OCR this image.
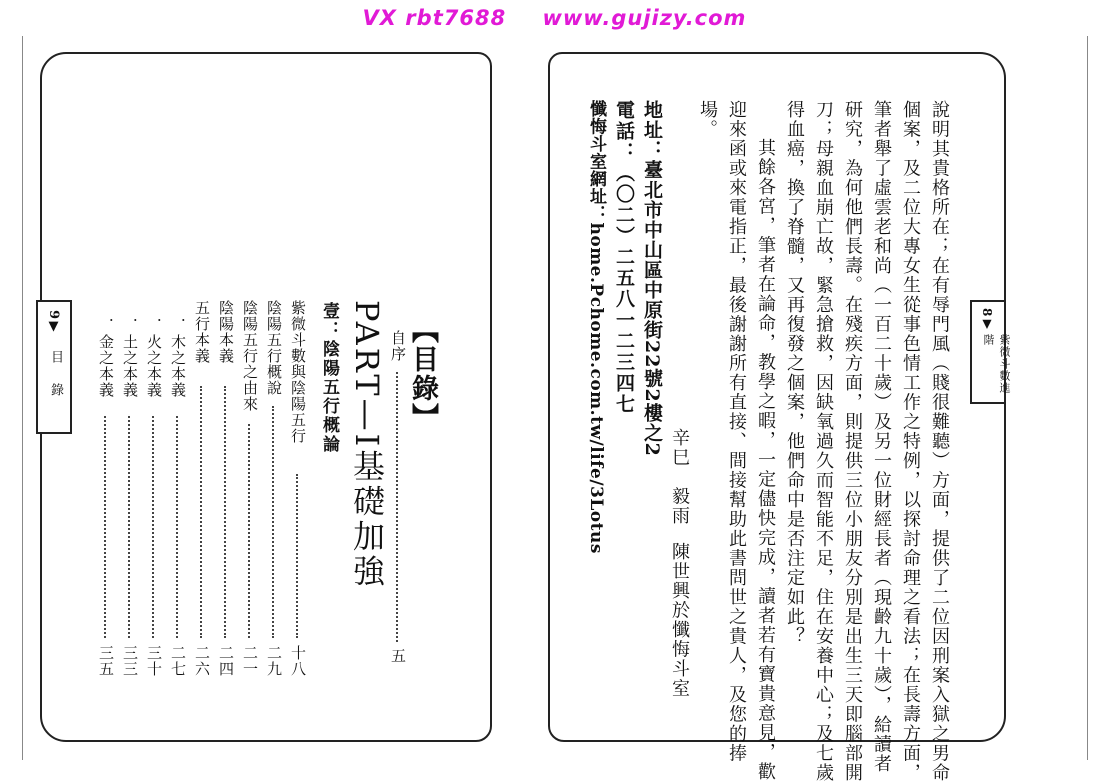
VX rbt7688 www.gujizy.com
9▼
目 錄	【目錄】
PART—I基礎加強
壹：陰陽五行概論	自序
五
紫微斗數與陰陽五行
十八
陰陽五行概說
二九
陰陽五行之由來
二一
陰陽本義
二四
五行本義
二六
．木之本義
二七
．火之本義
三十
．土之本義
三三
．金之本義
三五
8▼
紫微斗數進階
說明其貴格所在；在有辱門風（賤很難聽）方面，提供了二位因刑案入獄之男命
個案，及二位大專女生從事色情工作之特例，以探討命理之看法；在長壽方面，
筆者舉了虛雲老和尚（一百二十歲）及另一位財經長者（現齡九十歲），給讀者
研究，為何他們長壽。在殘疾方面，則提供三位小朋友分別是出生三天即腦部開
刀；母親血崩亡故，緊急搶救，因缺氧過久而智能不足，住在安養中心；及七歲
得血癌，換了脊髓，又再復發之個案，他們命中是否注定如此？
其餘各宮，筆者在論命，教學之暇，一定儘快完成，讀者若有寶貴意見，歡
迎來函或來電指正，最後謝謝所有直接、間接幫助此書問世之貴人，及您的捧
場。
辛巳　毅雨
陳世興於懺悔斗室
地址：臺北市中山區中原街22號2樓之2
電話：（〇二）二五八一二三四七
懺悔斗室網址：home.Pchome.com.tw/life/3Lotus
